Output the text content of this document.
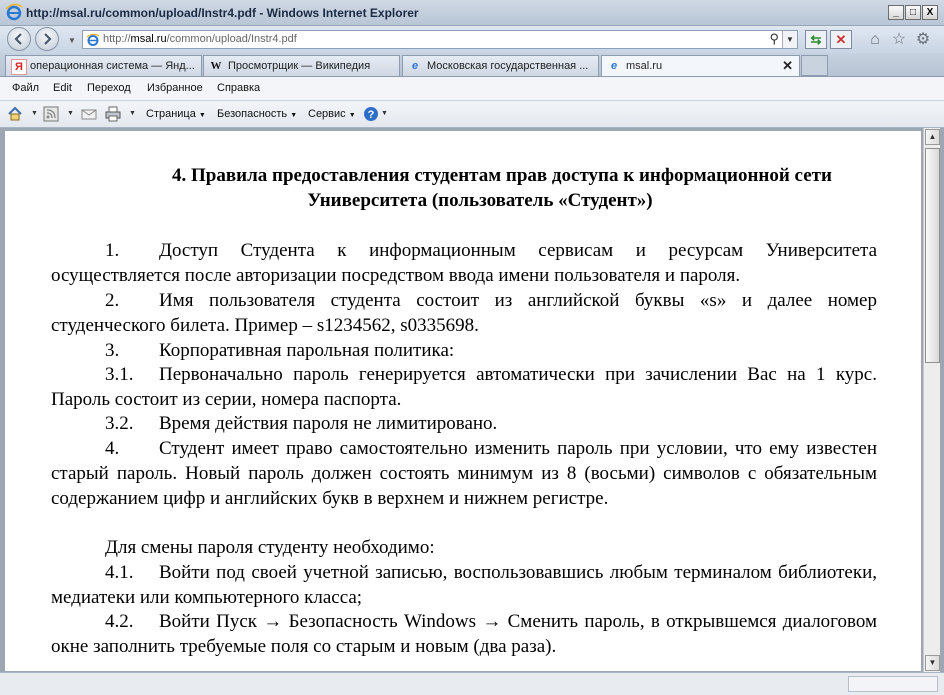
http://msal.ru/common/upload/Instr4.pdf - Windows Internet Explorer	_	□	X
▼ http://msal.ru/common/upload/Instr4.pdf	⚲ ▼	⇆	✕	⌂ ☆ ⚙
Я операционная система — Янд... W Просмотрщик — Википедия	e Московская государственная ...	e msal.ru	✕
Файл Edit Переход Избранное Справка
▼	▼	▼ Страница ▼ Безопасность ▼ Сервис ▼ ? ▼
4. Правила предоставления студентам прав доступа к информационной сети
Университета (пользователь «Студент»)
1. Доступ Студента к информационным сервисам и ресурсам Университета осуществляется после авторизации посредством ввода имени пользователя и пароля.
2. Имя пользователя студента состоит из английской буквы «s» и далее номер студенческого билета. Пример – s1234562, s0335698.
3. Корпоративная парольная политика:
3.1. Первоначально пароль генерируется автоматически при зачислении Вас на 1 курс. Пароль состоит из серии, номера паспорта.
3.2. Время действия пароля не лимитировано.
4. Студент имеет право самостоятельно изменить пароль при условии, что ему известен старый пароль. Новый пароль должен состоять минимум из 8 (восьми) символов с обязательным содержанием цифр и английских букв в верхнем и нижнем регистре.
Для смены пароля студенту необходимо:
4.1. Войти под своей учетной записью, воспользовавшись любым терминалом библиотеки, медиатеки или компьютерного класса;
4.2. Войти Пуск → Безопасность Windows → Сменить пароль, в открывшемся диалоговом окне заполнить требуемые поля со старым и новым (два раза).
▲
▼
